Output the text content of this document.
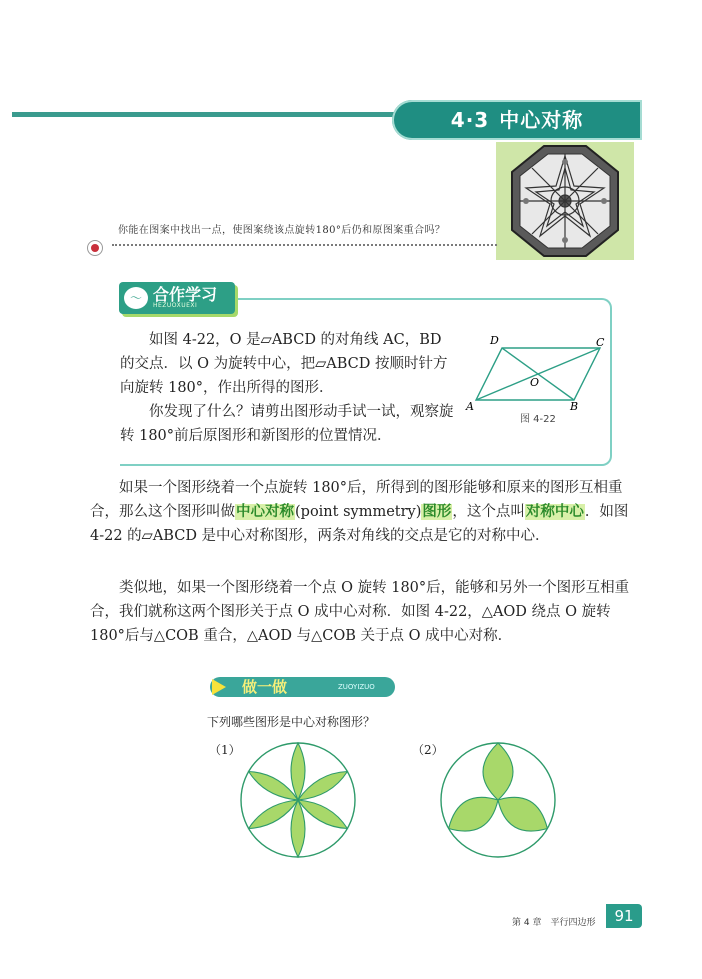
4·3 中心对称
你能在图案中找出一点，使图案绕该点旋转180°后仍和原图案重合吗？
〜 合作学习
HEZUOXUEXI
如图 4-22，O 是▱ABCD 的对角线 AC，BD 的交点．以 O 为旋转中心，把▱ABCD 按顺时针方向旋转 180°，作出所得的图形．
你发现了什么？请剪出图形动手试一试，观察旋转 180°前后原图形和新图形的位置情况．
A	B
C
D
O
图 4-22
如果一个图形绕着一个点旋转 180°后，所得到的图形能够和原来的图形互相重合，那么这个图形叫做中心对称(point symmetry)图形，这个点叫对称中心．如图 4-22 的▱ABCD 是中心对称图形，两条对角线的交点是它的对称中心．
类似地，如果一个图形绕着一个点 O 旋转 180°后，能够和另外一个图形互相重合，我们就称这两个图形关于点 O 成中心对称．如图 4-22，△AOD 绕点 O 旋转 180°后与△COB 重合，△AOD 与△COB 关于点 O 成中心对称．
做一做	ZUOYIZUO
下列哪些图形是中心对称图形？
（1）	（2）
第 4 章　平行四边形	91
